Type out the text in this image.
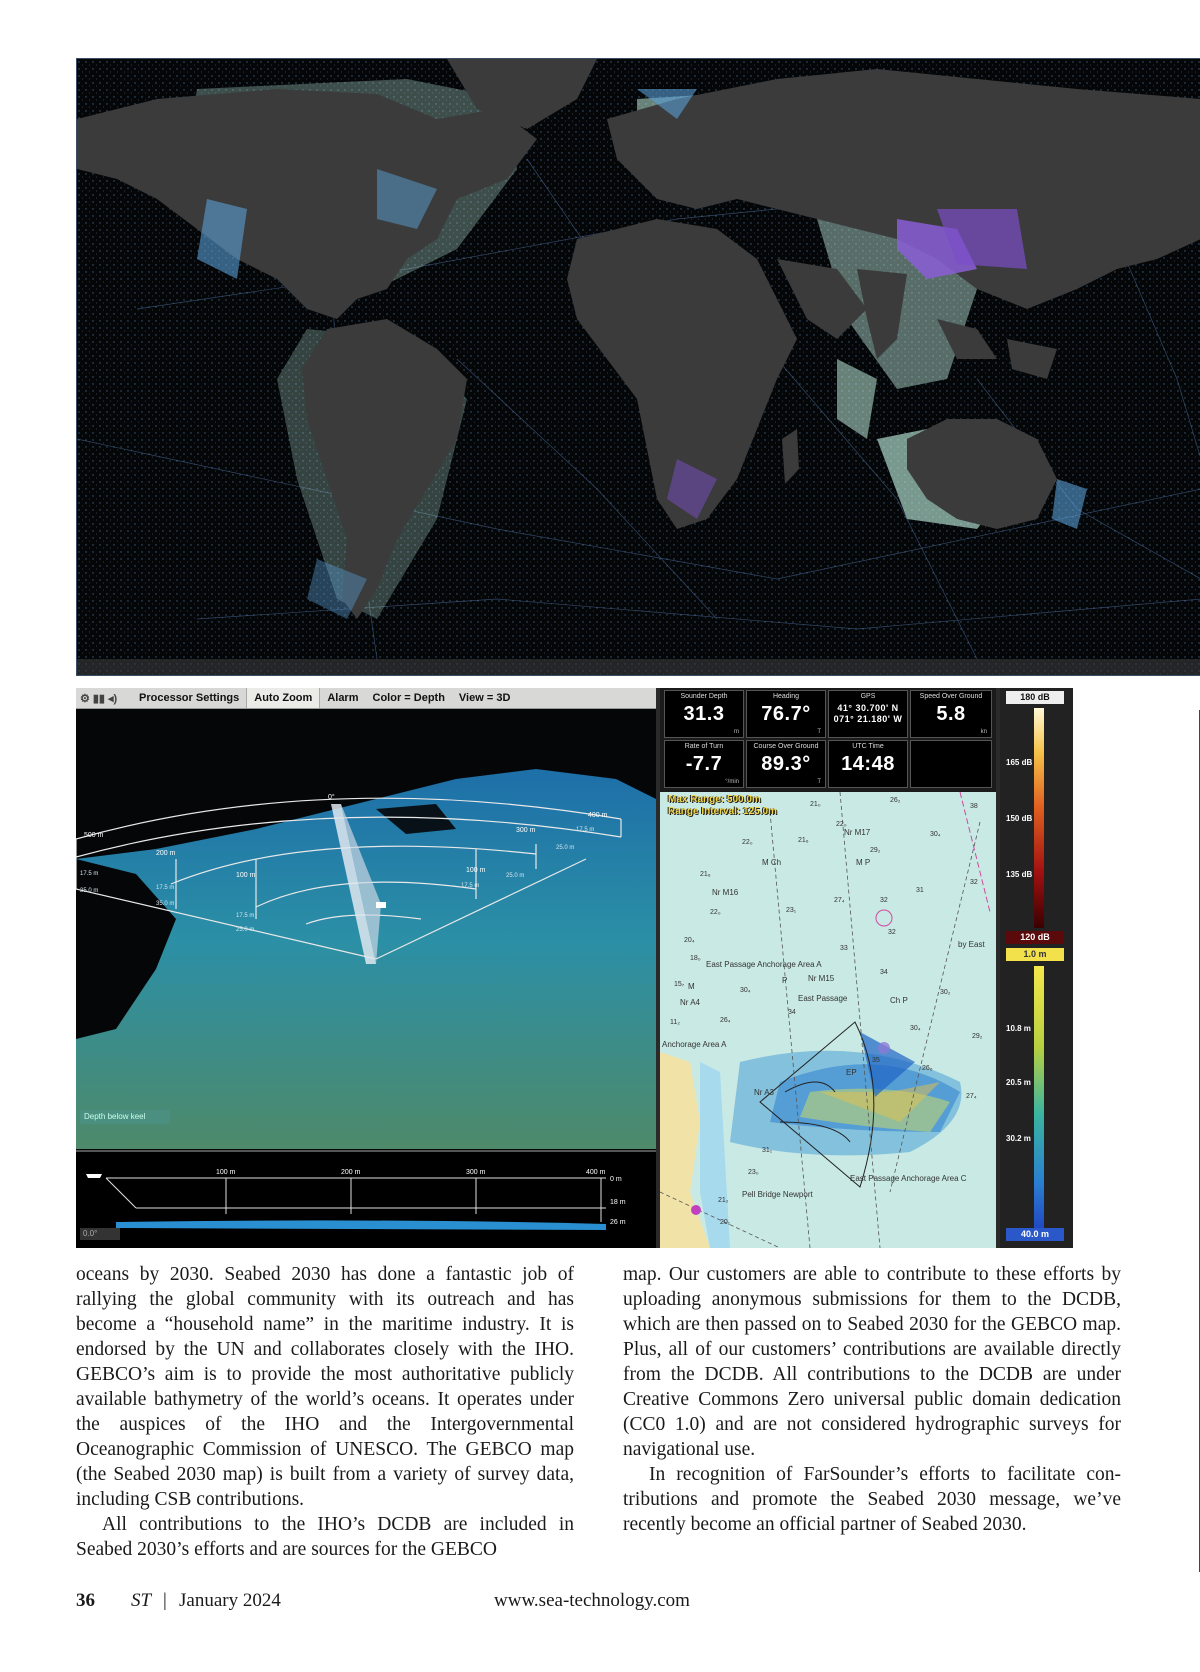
⚙ ▮▮ ◂)	Processor Settings	Auto Zoom	Alarm	Color = Depth	View = 3D
500 m
400 m
200 m
100 m
300 m
100 m
0°
17.5 m
35.0 m	17.5 m
35.0 m
17.5 m
25.0 m
17.5 m
25.0 m
17.5 m
25.0 m
Depth below keel
100 m	200 m	300 m	400 m
0 m
18 m
26 m
0.0°
Sounder Depth
31.3
m
Heading
76.7°
T
GPS
41° 30.700' N
071° 21.180' W
Speed Over Ground
5.8
kn
Rate of Turn
-7.7
°/min
Course Over Ground
89.3°
T
UTC Time
14:48
21₀
26₂
22₀
22₀	21₆
21₆
29₂
30₄
38
32
31
32
22₀	23₁
27₄
20₄
18₀
33
32
34
30₂
15₇
30₄
34
26₄
11₂
30₄
26₆
29₂
27₄
35
31₁
23₀
21₂
20₁
Max Range: 500.0m
Range Interval: 125.0m
Nr M17
M Ch	M P
Nr M16
East Passage Anchorage Area A
P	Nr M15
M
Nr A4	East Passage	Ch P
Anchorage Area A
Nr A3
EP
East Passage Anchorage Area C
Pell Bridge Newport
by East
180 dB
165 dB
150 dB
135 dB
120 dB
1.0 m
10.8 m
20.5 m
30.2 m
40.0 m

oceans by 2030. Seabed 2030 has done a fantastic job of rallying the global community with its outreach and has become a “household name” in the maritime industry. It is endorsed by the UN and collaborates closely with the IHO. GEBCO’s aim is to provide the most authoritative publicly available bathymetry of the world’s oceans. It operates under the auspices of the IHO and the Intergovernmental Oceanographic Commission of UNESCO. The GEBCO map (the Seabed 2030 map) is built from a variety of survey data, including CSB contributions.

All contributions to the IHO’s DCDB are included in Seabed 2030’s efforts and are sources for the GEBCO

map. Our customers are able to contribute to these efforts by uploading anonymous submissions for them to the DCDB, which are then passed on to Seabed 2030 for the GEBCO map. Plus, all of our customers’ contributions are available directly from the DCDB. All contributions to the DCDB are under Creative Commons Zero universal public domain dedication (CC0 1.0) and are not considered hydrographic surveys for navigational use.

In recognition of FarSounder’s efforts to facilitate contributions and promote the Seabed 2030 message, we’ve recently become an official partner of Seabed 2030.

36 ST | January 2024	www.sea-technology.com
